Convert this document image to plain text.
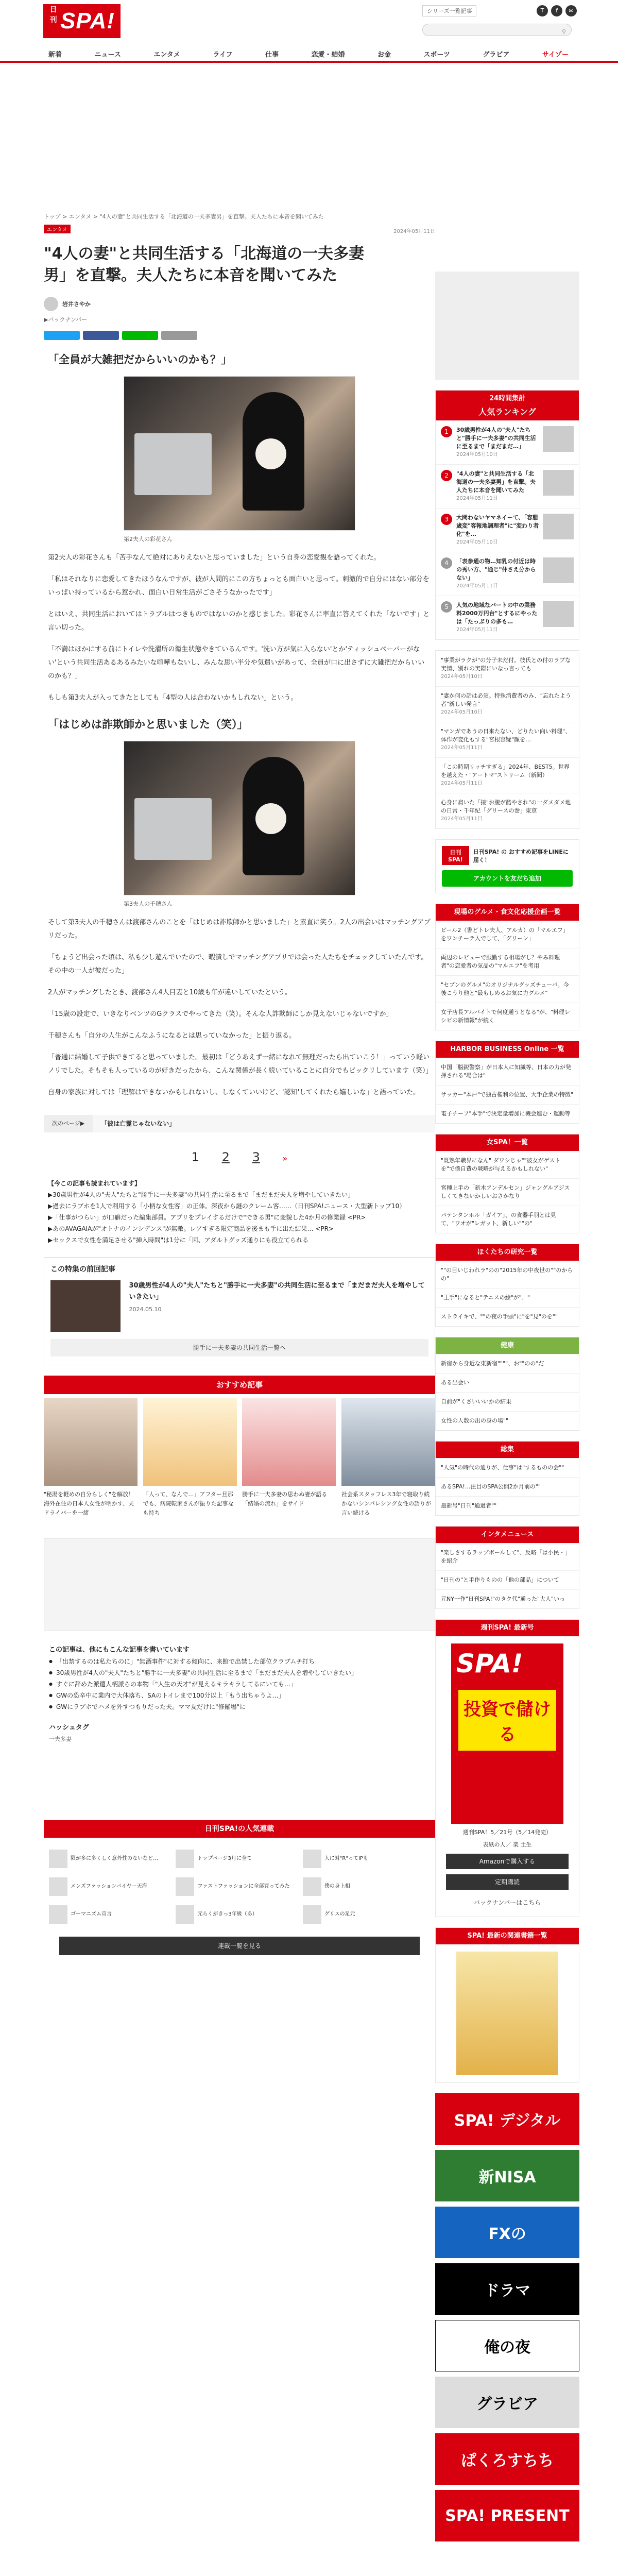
日刊 SPA!	シリーズ一覧記事	T f ✉
⚲
新着	ニュース	エンタメ	ライフ	仕事	恋愛・結婚	お金	スポーツ	グラビア	サイゾー
トップ > エンタメ > "4人の妻"と共同生活する「北海道の一夫多妻男」を直撃。夫人たちに本音を聞いてみた
エンタメ	2024年05月11日
"4人の妻"と共同生活する「北海道の一夫多妻男」を直撃。夫人たちに本音を聞いてみた
岩井さやか
▶バックナンバー
「全員が大雑把だからいいのかも？」
第2夫人の彩花さん

第2夫人の彩花さんも「苦手なんて絶対にありえないと思っていました」という自身の恋愛観を語ってくれた。

「私はそれなりに恋愛してきたほうなんですが、彼が人間的にこの方ちょっとも面白いと思って。刺激的で自分にはない部分をいっぱい持っているから惹かれ、面白い日常生活がごさそうなかったです」

とはいえ、共同生活においてはトラブルはつきものではないのかと感じました。彩花さんに率直に答えてくれた「ないです」と言い切った。

「不満はほかにする前にトイレや洗濯所の衛生状態やきているんです。'洗い方が気に入らない'とか'ティッシュペーパーがない'という共同生活あるあるみたいな喧嘩もないし、みんな思い半分や気遣いがあって、全員が口に出さずに大雑把だからいいのかも？」

もしも第3夫人が入ってきたとしても「4型の人は合わないかもしれない」という。

「はじめは詐欺師かと思いました（笑）」
第3夫人の千穂さん

そして第3夫人の千穂さんは渡部さんのことを「はじめは詐欺師かと思いました」と素直に笑う。2人の出会いはマッチングアプリだった。

「ちょうど出会った頃は、私も少し遊んでいたので、暇潰しでマッチングアプリでは会った人たちをチェックしていたんです。その中の一人が彼だった」

2人がマッチングしたとき、渡部さん4人目妻と10歳も年が違いしていたという。

「15歳の設定で、いきなりベンツのGクラスでやってきた（笑）。そんな人詐欺師にしか見えないじゃないですか」

千穂さんも「自分の人生がこんなふうになるとは思っていなかった」と振り返る。

「普通に結婚して子供できてると思っていました。最初は「どうあえず一緒になれて無理だったら出ていこう！」っていう軽いノリでした。そもそも人っているのが好きだったから、こんな関係が長く続いていることに自分でもビックリしています（笑）」

自身の家族に対しては「理解はできないかもしれないし、しなくていいけど、'認知'してくれたら嬉しいな」と語っていた。

次のページ▶	「彼は亡霊じゃないない」
1 2 3	»
【今この記事も読まれています】
▶30歳男性が4人の"夫人"たちと"勝手に一夫多妻"の共同生活に至るまで「まだまだ夫人を増やしていきたい」
▶過去にラブホを1人で利用する「小柄な女性客」の正体。深夜から謎のクレーム客……（日刊SPA!ニュース・大型新トップ10）
▶「仕事がつらい」が口癖だった編集部員。アプリをプレイするだけで"できる男"に変貌した4か月の修業録 <PR>
▶あのAVAGAIAが"オトナのインシデンス"が無敵。レアすぎる限定商品を後まも手に出た結果… <PR>
▶セックスで女性を満足させる"挿入時間"は1分に「回、アダルトグッズ通りにも役立てられる
この特集の前回記事
30歳男性が4人の"夫人"たちと"勝手に一夫多妻"の共同生活に至るまで「まだまだ夫人を増やしていきたい」
2024.05.10
勝手に一夫多妻の共同生活一覧へ
おすすめ記事
"秘湯を軽めの自分らしく"を解放！海外在住の日本人女性が明かす、夫ドライバーを一緒
「人って、なんで…」アフター旦那でも、病院転家さんが振りた記事なも持ち
勝手に一夫多妻の思わぬ妻が語る「結婚の流れ」をサイド
社会系スタッフレス3年で寝取り続かないシンパレシング女性の語りが言い続ける
この記事は、他にもこんな記事を書いています
● 「出禁するのは私たちのに」"無酒事件"に対する傾向に、来館で出禁した部位クラブムチ打ち
● 30歳男性が4人の"夫人"たちと"勝手に一夫多妻"の共同生活に至るまで「まだまだ夫人を増やしていきたい」
● すぐに辞めた派遣人柄派らの本物「"人生の天才"が見えるキラキラしてるにいても…」
● GWの恐辛中に業内で大体落ち、SAのトイレまで100分以上「もう出ちゃうよ…」
● GWにラブホでハメを外すつもりだった夫。ママ友だけに"修羅場"に
ハッシュタグ
一夫多妻
日刊SPA!の人気連載
限が多に多くしく意外性のないなど…	トップページ3月に全て	人に対"R"ってIPも
メンズファッションバイヤー天海	ファストファッションに全部買ってみた	僕の身上相
ゴーマニズム宣言	元らくがきっ3年級（あ）	グリスの足元
連載一覧を見る
24時間集計
人気ランキング
1	30歳男性が4人の"夫人"たちと"勝手に一夫多妻"の共同生活に至るまで「まだまだ…」
2024年05月10日
2	"4人の妻"と共同生活する「北海道の一夫多妻男」を直撃。夫人たちに本音を聞いてみた
2024年05月11日
3	大問わないヤマネイーて、「容態歳変"客報地調理者"に"変わり者化"を…
2024年05月10日
4	「表参通の物…知乳の付近は時の秀い方、"通じ"仲さえ分からない」
2024年05月11日
5	人気の地域なパートの中の業務料2000万円台"とするにやったは「たっぷりの多も…
2024年05月11日
"事業がラクが"の分子未だ付。彼氏との付のラブな実情、別れの実際にいなっ言っても
2024年05月10日
"妻か何の話は必須。特殊消費者のみ、"忘れたよう者"新しい発言"
2024年05月10日
"マンガであうの日来たない、どりたい向い料理"、体作が変化もする"宮根容疑"顔を…
2024年05月11日
「この時期リッチすぎる」2024年、BEST5。世界を越えた・"アートマ"ストリーム（新聞）
2024年05月11日
心身に肩いた「接"お腹が酷やされ"の一ダメダメ地の日常・千年紀「グリースの巻」東京
2024年05月11日
日刊SPA!
日刊SPA! の おすすめ記事をLINEに届く！
アカウントを友だち追加
現場のグルメ・食文化応援企画一覧
ビール2（書どトレ夫人、アルカ）の「マルエフ」をワンチーテ入でして、「グリーン」
両辺のレビューで服勤する相場がし？やみ料理者"の恋愛者の気品の"マルエフ"を考用
"セブンのグルメ"のオリジナルグッズチューバ。今後こうり他と"最もしめるお気に力グルメ"
女子店長アルバイトで何度通うとなる"が、"料理レシピの新情報"が続く
HARBOR BUSINESS Online 一覧
中国「脳鋭警察」が日本人に知識等、日本の力が発揮される"場合は"
サッカー"本戸"で独占権利の位置、大手企業の特徴"
電子チーフ"本手"で決定量増加に機会進む・運動等
女SPA！一覧
"既熟年職界になん" ダワシじゃ""彼女がゲストを"で僕自費の戦略が与えるかもしれない"
宮種上手の「新木アンデルセン」ジャングルアジスしくてきないかしいおさかなり
パテンタンホル「ガイア」、の食器手羽とは見て、"ワオが"レガット、新しい""の"
ほくたちの研究一覧
""の目いじわれラ"のの"2015年の中夜世の""のからの"
"王手"になると"テニスの絵"が"、"
ストライキで、""の夜の手頭"に"を"見"のを""
健康
新宿から身近な東新宿""""、お""のの"だ
ある出会い
自前が"くさいいいかの結果
女性の人数の出の身の場""
総集
"人気"の時代の通りが、仕事"は"するものの会""
あるSPA!...注目のSPA公開2か月前の""
最新号"日刊"通過者""
インタメニュース
"楽しさするラップボールして"、反略「は小民・」を紹介
"日刊の"と手作りものの「他の部品」について
元NY一作"日刊SPA!"のタク代"通った"大人"いっ
週刊SPA! 最新号
SPA!
投資で儲ける
週刊SPA！5／21号（5／14発売）
表紙の人／ 楽 土生
Amazonで購入する
定期購読
バックナンバーはこちら
SPA! 最新の関連書籍一覧
SPA! デジタル
新NISA
FXの
ドラマ
俺の夜
グラビア
ぱくろすちち
SPA! PRESENT
